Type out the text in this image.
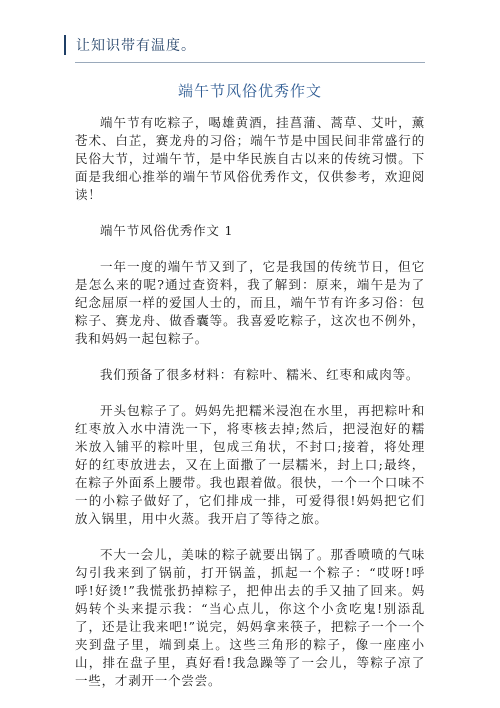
让知识带有温度。
端午节风俗优秀作文

端午节有吃粽子，喝雄黄酒，挂菖蒲、蒿草、艾叶，薰苍术、白芷，赛龙舟的习俗；端午节是中国民间非常盛行的民俗大节，过端午节，是中华民族自古以来的传统习惯。下面是我细心推举的端午节风俗优秀作文，仅供参考，欢迎阅读！

端午节风俗优秀作文 1

一年一度的端午节又到了，它是我国的传统节日，但它是怎么来的呢?通过查资料，我了解到：原来，端午是为了纪念屈原一样的爱国人士的，而且，端午节有许多习俗：包粽子、赛龙舟、做香囊等。我喜爱吃粽子，这次也不例外，我和妈妈一起包粽子。

我们预备了很多材料：有粽叶、糯米、红枣和咸肉等。

开头包粽子了。妈妈先把糯米浸泡在水里，再把粽叶和红枣放入水中清洗一下，将枣核去掉;然后，把浸泡好的糯米放入铺平的粽叶里，包成三角状，不封口;接着，将处理好的红枣放进去，又在上面撒了一层糯米，封上口;最终，在粽子外面系上腰带。我也跟着做。很快，一个一个口味不一的小粽子做好了，它们排成一排，可爱得很!妈妈把它们放入锅里，用中火蒸。我开启了等待之旅。

不大一会儿，美味的粽子就要出锅了。那香喷喷的气味勾引我来到了锅前，打开锅盖，抓起一个粽子：“哎呀!呼呼!好烫!”我慌张扔掉粽子，把伸出去的手又抽了回来。妈妈转个头来提示我：“当心点儿，你这个小贪吃鬼!别添乱了，还是让我来吧!”说完，妈妈拿来筷子，把粽子一个一个夹到盘子里，端到桌上。这些三角形的粽子，像一座座小山，排在盘子里，真好看!我急躁等了一会儿，等粽子凉了一些，才剥开一个尝尝。
